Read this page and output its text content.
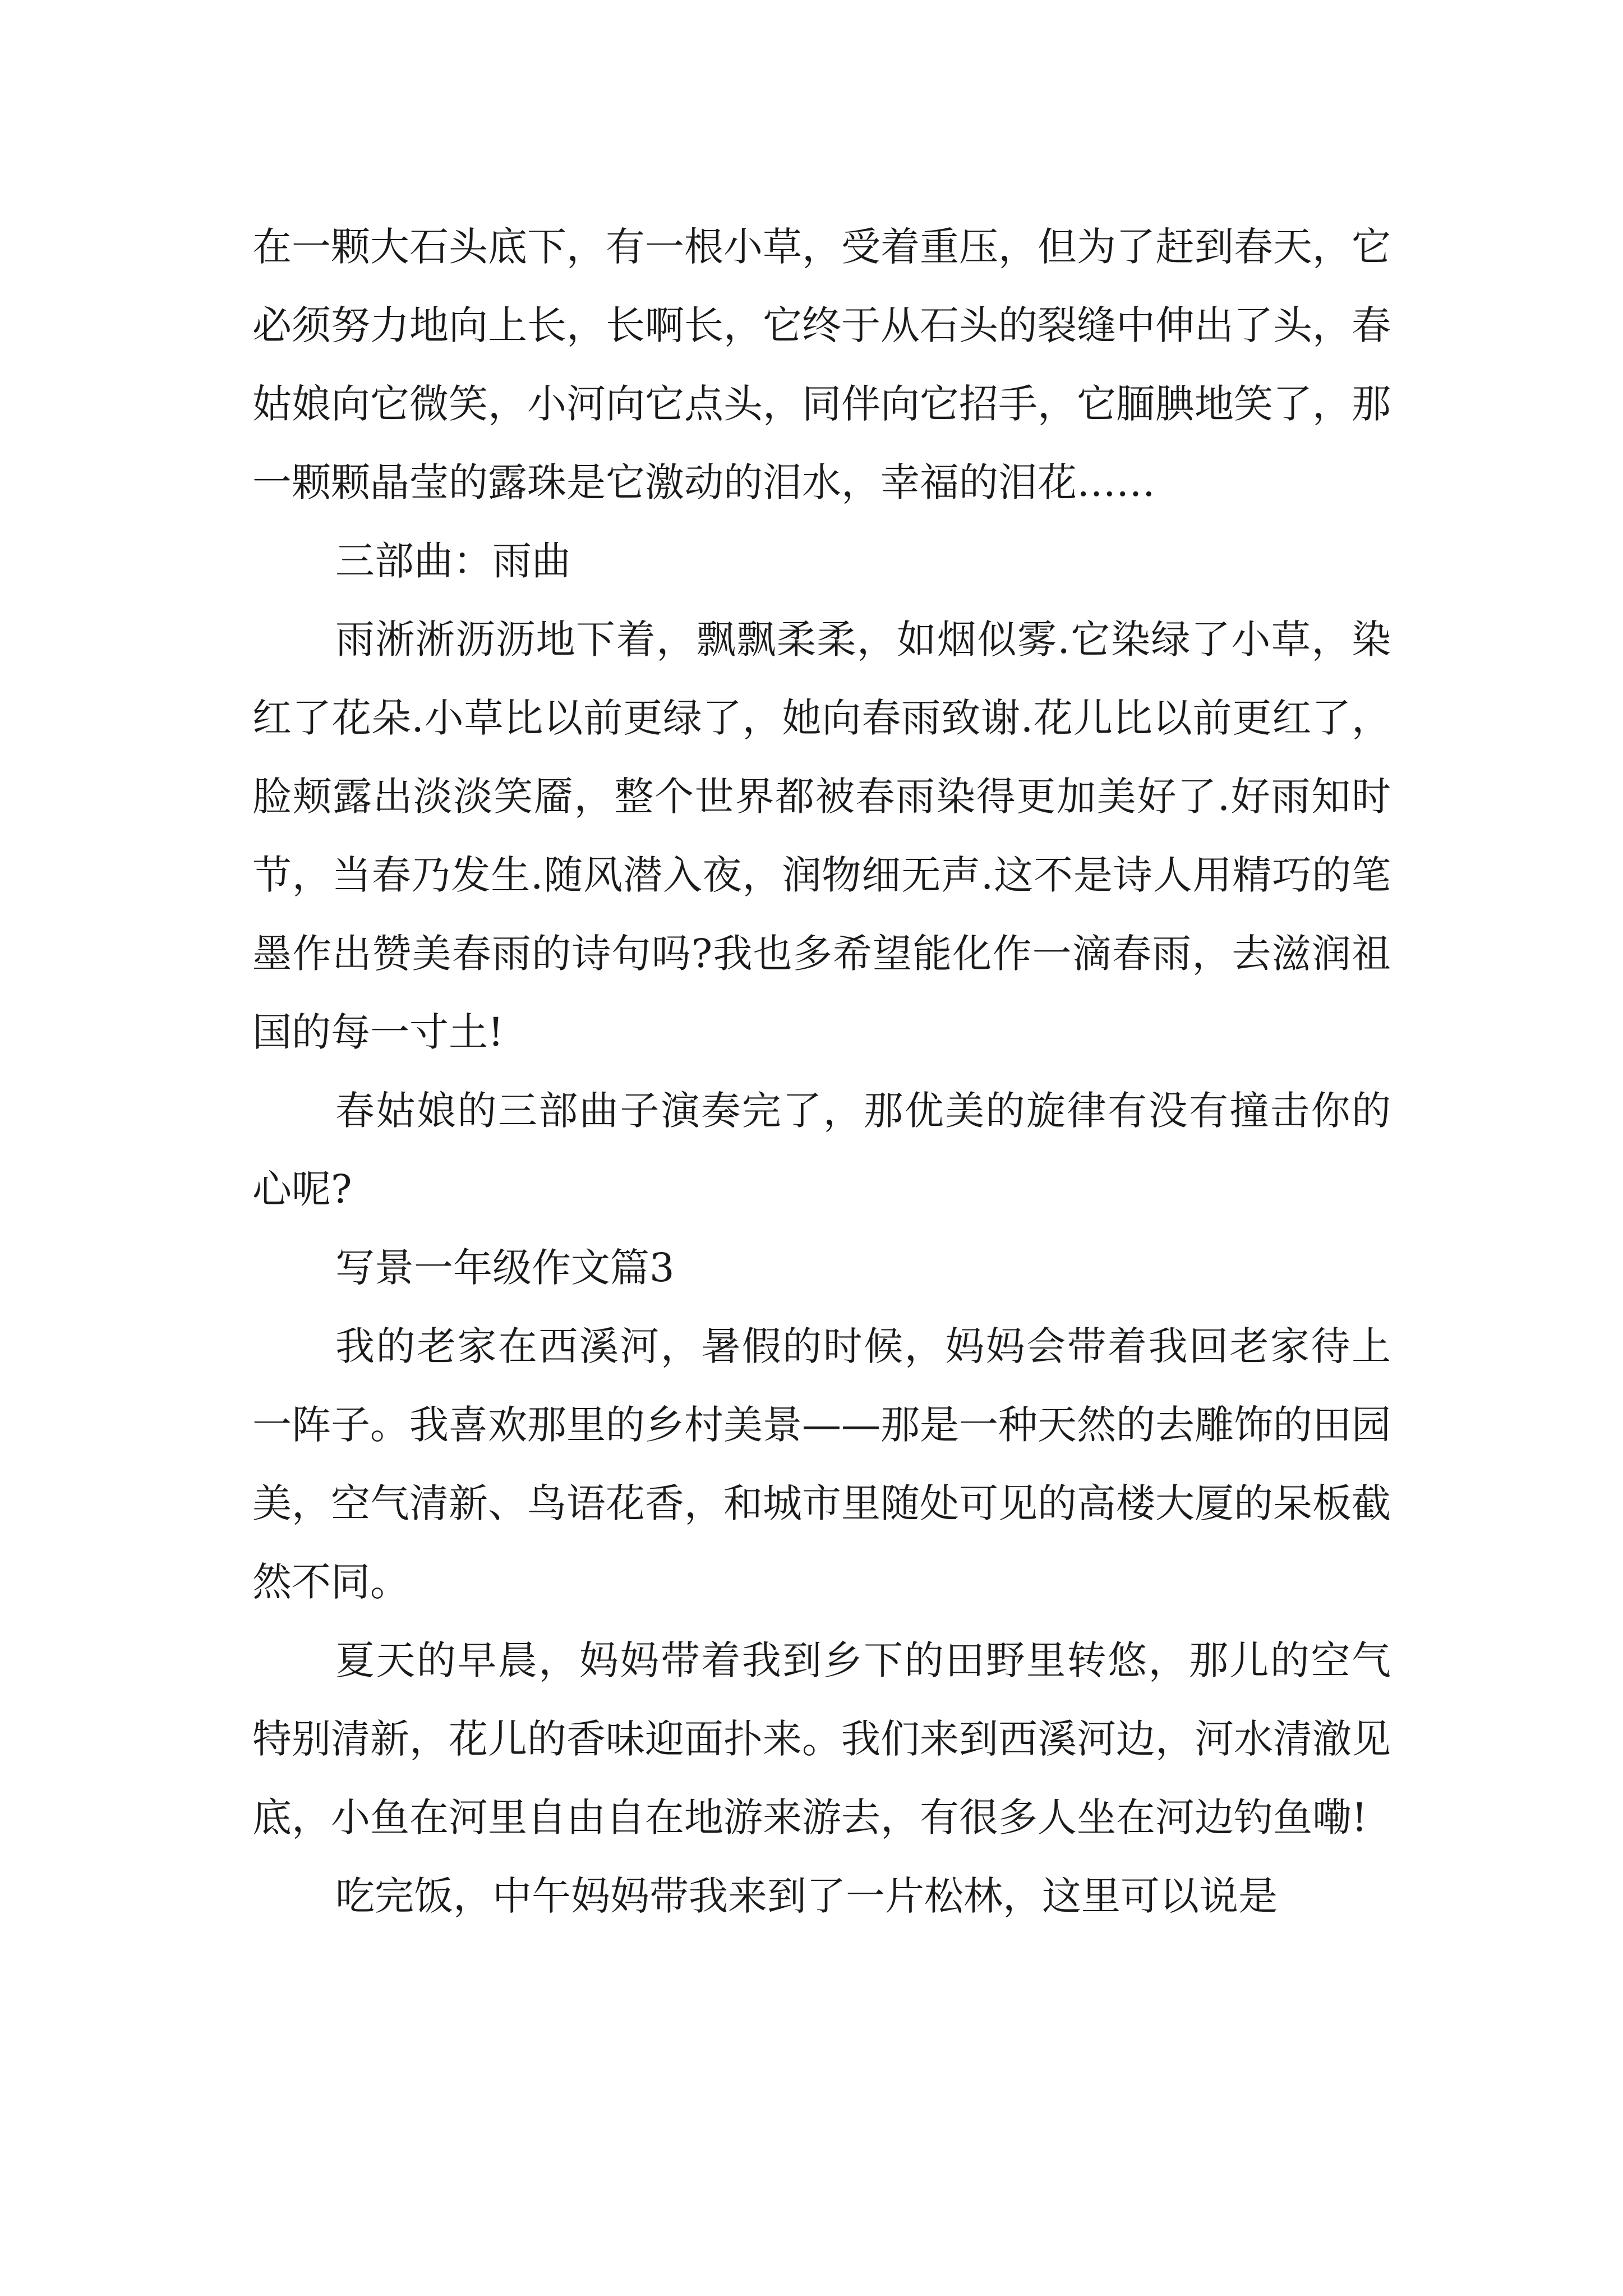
在一颗大石头底下，有一根小草，受着重压，但为了赶到春天，它必须努力地向上长，长啊长，它终于从石头的裂缝中伸出了头，春姑娘向它微笑，小河向它点头，同伴向它招手，它腼腆地笑了，那一颗颗晶莹的露珠是它激动的泪水，幸福的泪花……

三部曲：雨曲

雨淅淅沥沥地下着，飘飘柔柔，如烟似雾.它染绿了小草，染红了花朵.小草比以前更绿了，她向春雨致谢.花儿比以前更红了，脸颊露出淡淡笑靥，整个世界都被春雨染得更加美好了.好雨知时节，当春乃发生.随风潜入夜，润物细无声.这不是诗人用精巧的笔墨作出赞美春雨的诗句吗?我也多希望能化作一滴春雨，去滋润祖国的每一寸土!

春姑娘的三部曲子演奏完了，那优美的旋律有没有撞击你的心呢?

写景一年级作文篇3

我的老家在西溪河，暑假的时候，妈妈会带着我回老家待上一阵子。我喜欢那里的乡村美景——那是一种天然的去雕饰的田园美，空气清新、鸟语花香，和城市里随处可见的高楼大厦的呆板截然不同。

夏天的早晨，妈妈带着我到乡下的田野里转悠，那儿的空气特别清新，花儿的香味迎面扑来。我们来到西溪河边，河水清澈见底，小鱼在河里自由自在地游来游去，有很多人坐在河边钓鱼嘞!

吃完饭，中午妈妈带我来到了一片松林，这里可以说是
